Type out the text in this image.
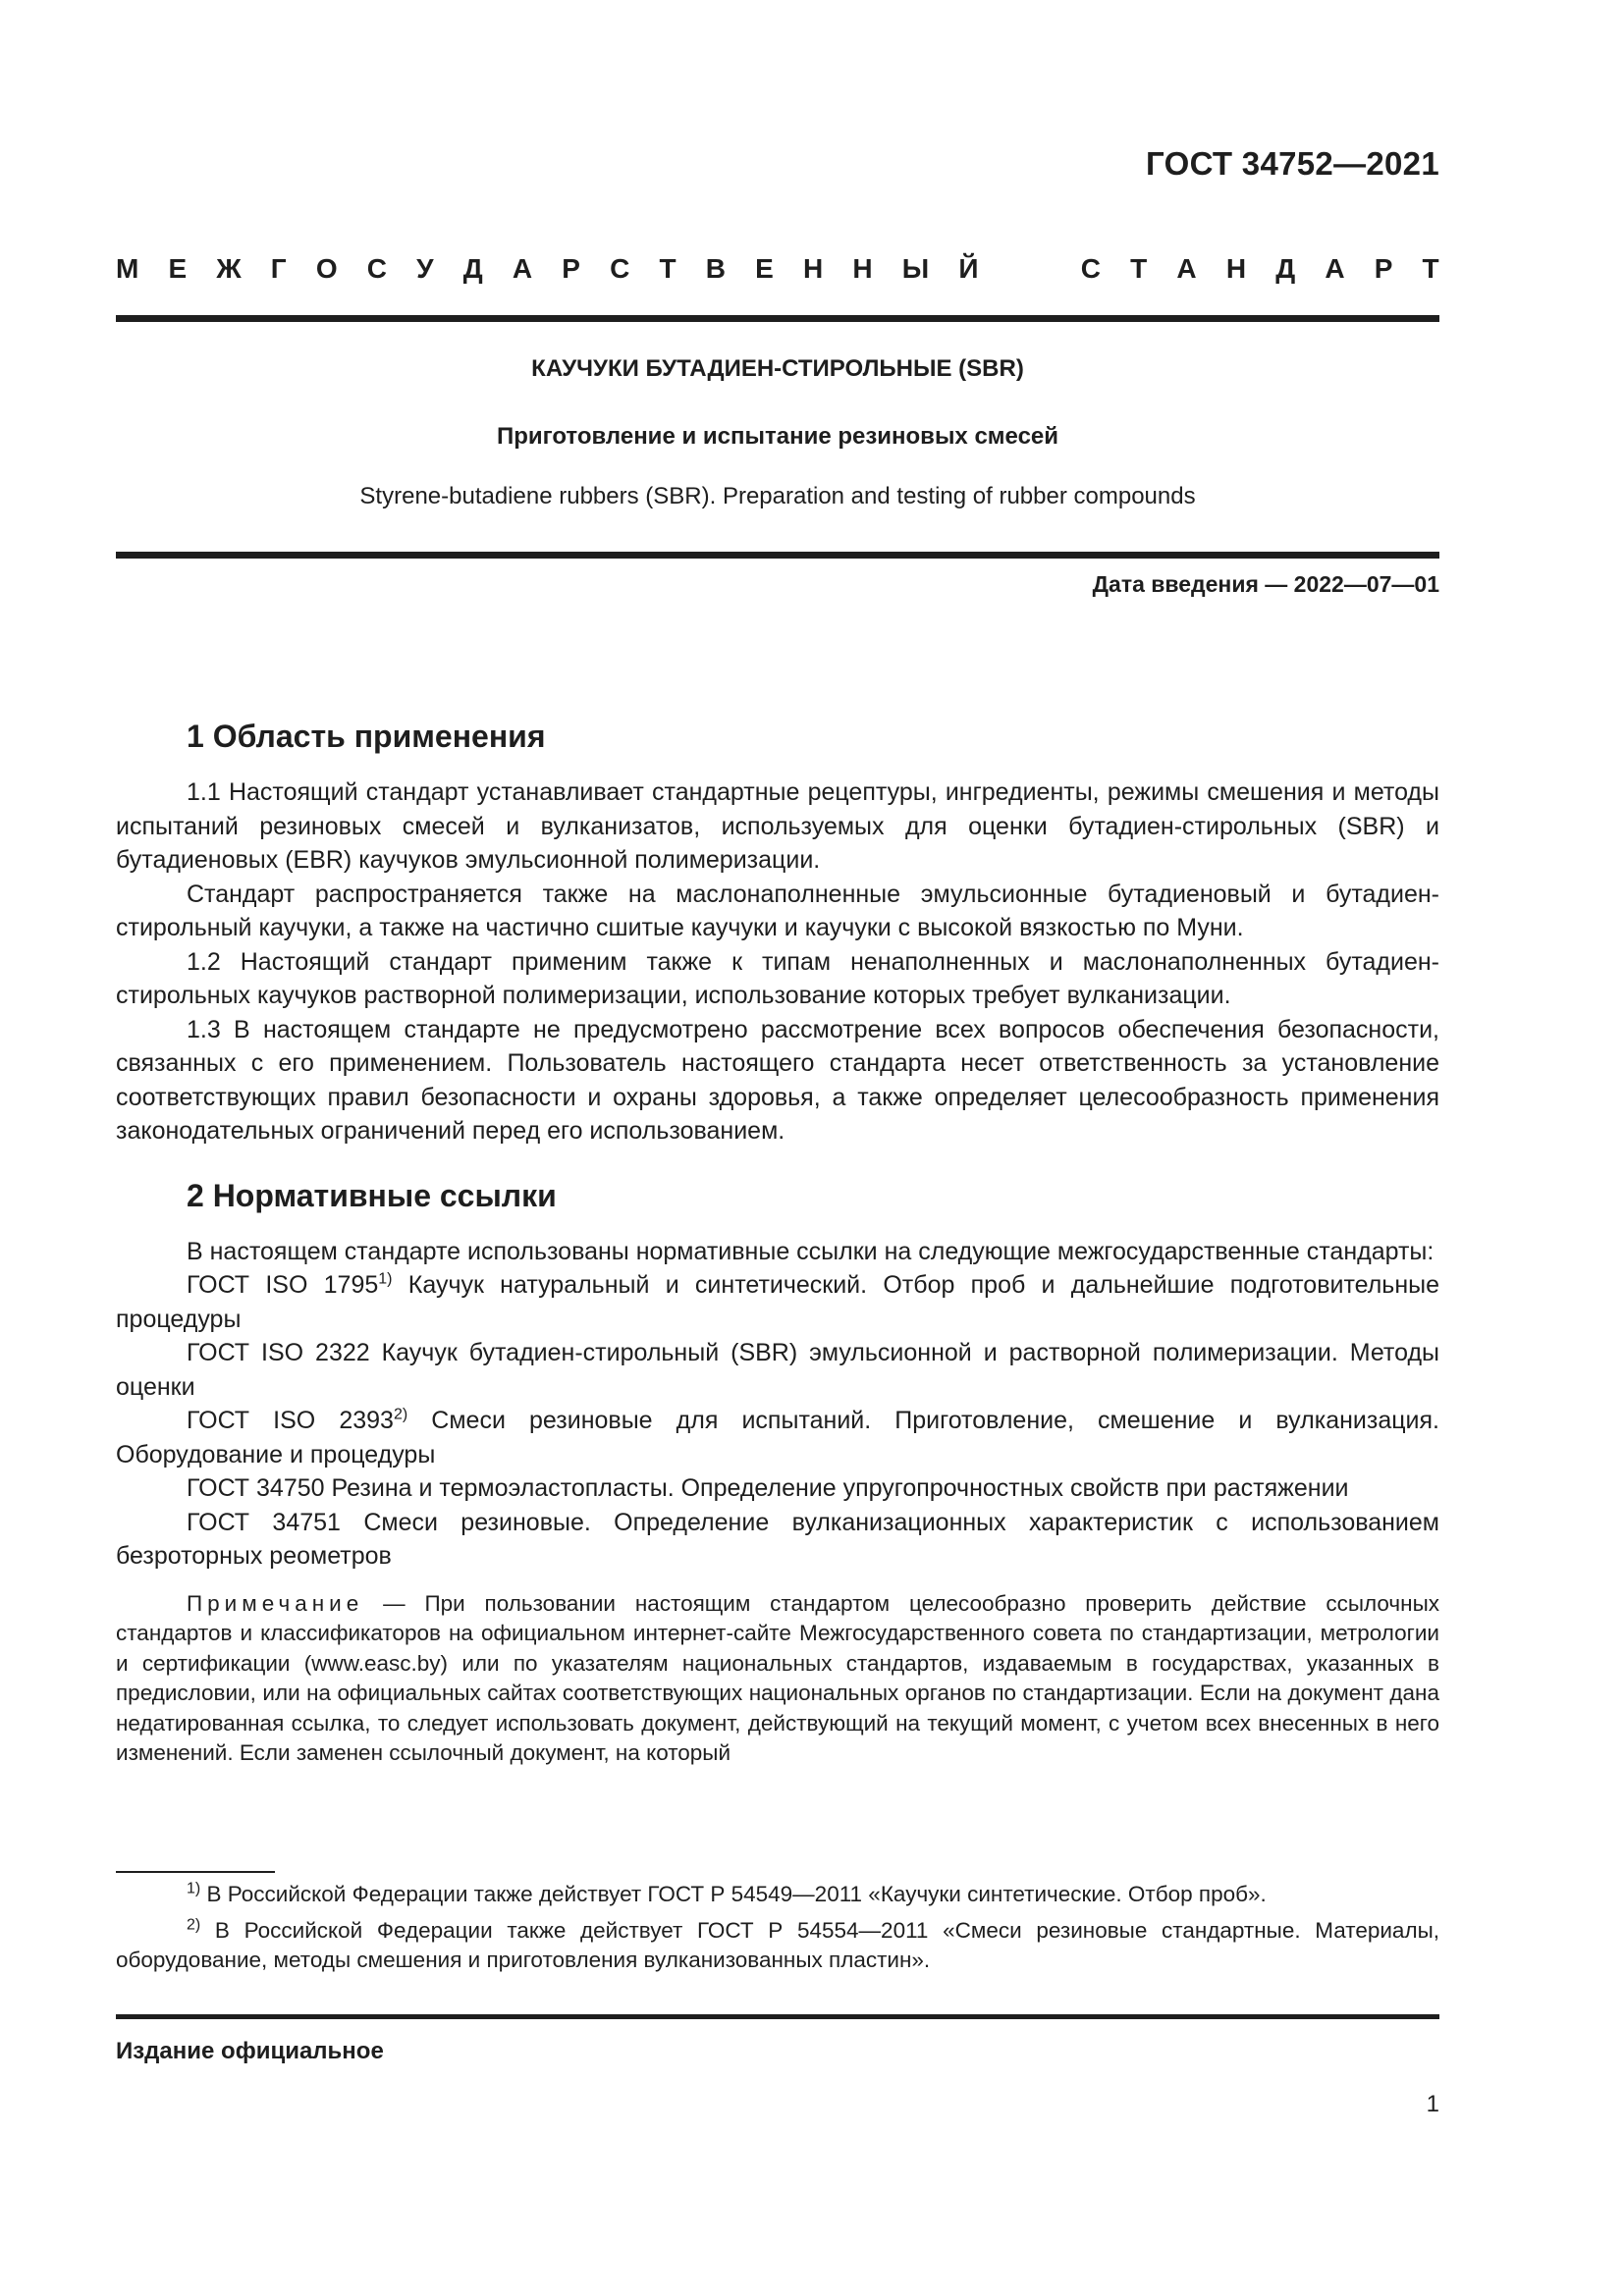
ГОСТ 34752—2021
М Е Ж Г О С У Д А Р С Т В Е Н Н Ы Й	С Т А Н Д А Р Т
КАУЧУКИ БУТАДИЕН-СТИРОЛЬНЫЕ (SBR)
Приготовление и испытание резиновых смесей
Styrene-butadiene rubbers (SBR). Preparation and testing of rubber compounds
Дата введения — 2022—07—01
1 Область применения

1.1 Настоящий стандарт устанавливает стандартные рецептуры, ингредиенты, режимы смешения и методы испытаний резиновых смесей и вулканизатов, используемых для оценки бутадиен-стирольных (SBR) и бутадиеновых (EBR) каучуков эмульсионной полимеризации.

Стандарт распространяется также на маслонаполненные эмульсионные бутадиеновый и бутадиен-стирольный каучуки, а также на частично сшитые каучуки и каучуки с высокой вязкостью по Муни.

1.2 Настоящий стандарт применим также к типам ненаполненных и маслонаполненных бутадиен-стирольных каучуков растворной полимеризации, использование которых требует вулканизации.

1.3 В настоящем стандарте не предусмотрено рассмотрение всех вопросов обеспечения безопасности, связанных с его применением. Пользователь настоящего стандарта несет ответственность за установление соответствующих правил безопасности и охраны здоровья, а также определяет целесообразность применения законодательных ограничений перед его использованием.

2 Нормативные ссылки

В настоящем стандарте использованы нормативные ссылки на следующие межгосударственные стандарты:

ГОСТ ISO 1795$^{1)}$ Каучук натуральный и синтетический. Отбор проб и дальнейшие подготовительные процедуры

ГОСТ ISO 2322 Каучук бутадиен-стирольный (SBR) эмульсионной и растворной полимеризации. Методы оценки

ГОСТ ISO 2393$^{2)}$ Смеси резиновые для испытаний. Приготовление, смешение и вулканизация. Оборудование и процедуры

ГОСТ 34750 Резина и термоэластопласты. Определение упругопрочностных свойств при растяжении

ГОСТ 34751 Смеси резиновые. Определение вулканизационных характеристик с использованием безроторных реометров

Примечание — При пользовании настоящим стандартом целесообразно проверить действие ссылочных стандартов и классификаторов на официальном интернет-сайте Межгосударственного совета по стандартизации, метрологии и сертификации (www.easc.by) или по указателям национальных стандартов, издаваемым в государствах, указанных в предисловии, или на официальных сайтах соответствующих национальных органов по стандартизации. Если на документ дана недатированная ссылка, то следует использовать документ, действующий на текущий момент, с учетом всех внесенных в него изменений. Если заменен ссылочный документ, на который

$^{1)}$ В Российской Федерации также действует ГОСТ Р 54549—2011 «Каучуки синтетические. Отбор проб».

$^{2)}$ В Российской Федерации также действует ГОСТ Р 54554—2011 «Смеси резиновые стандартные. Материалы, оборудование, методы смешения и приготовления вулканизованных пластин».

Издание официальное
1
